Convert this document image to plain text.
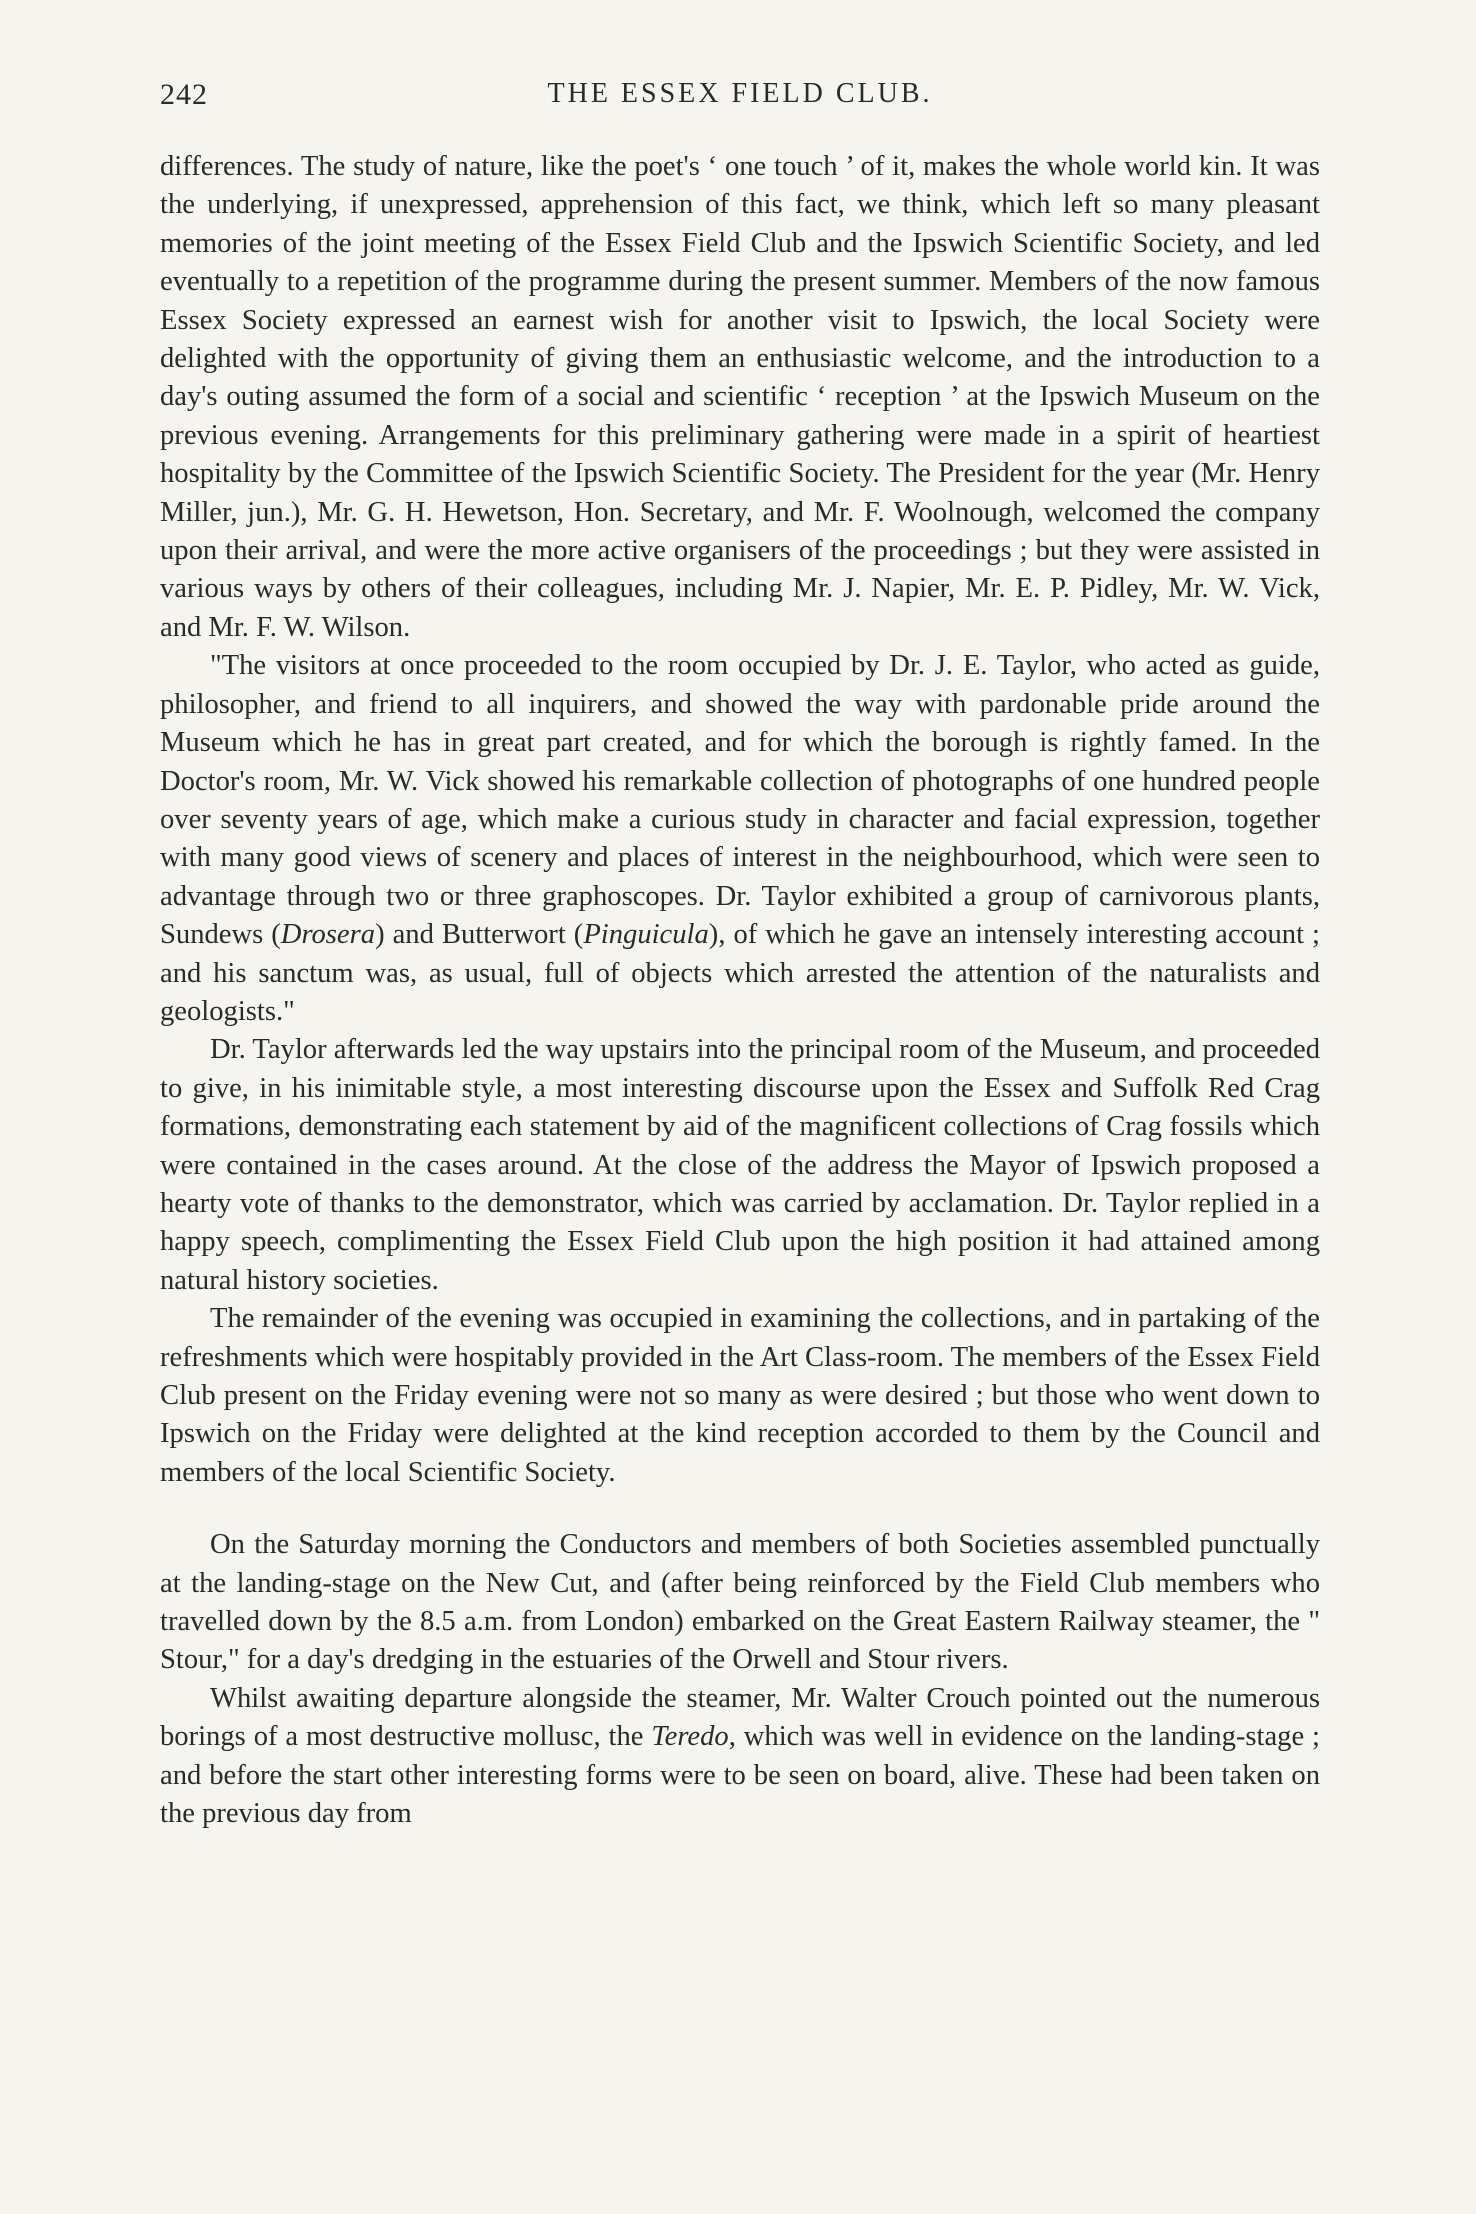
242	THE ESSEX FIELD CLUB.

differences. The study of nature, like the poet's ‘ one touch ’ of it, makes the whole world kin. It was the underlying, if unexpressed, apprehension of this fact, we think, which left so many pleasant memories of the joint meeting of the Essex Field Club and the Ipswich Scientific Society, and led eventually to a repetition of the programme during the present summer. Members of the now famous Essex Society expressed an earnest wish for another visit to Ipswich, the local Society were delighted with the opportunity of giving them an enthusiastic welcome, and the introduction to a day's outing assumed the form of a social and scientific ‘ reception ’ at the Ipswich Museum on the previous evening. Arrangements for this preliminary gathering were made in a spirit of heartiest hospitality by the Committee of the Ipswich Scientific Society. The President for the year (Mr. Henry Miller, jun.), Mr. G. H. Hewetson, Hon. Secretary, and Mr. F. Woolnough, welcomed the company upon their arrival, and were the more active organisers of the proceedings ; but they were assisted in various ways by others of their colleagues, including Mr. J. Napier, Mr. E. P. Pidley, Mr. W. Vick, and Mr. F. W. Wilson.

"The visitors at once proceeded to the room occupied by Dr. J. E. Taylor, who acted as guide, philosopher, and friend to all inquirers, and showed the way with pardonable pride around the Museum which he has in great part created, and for which the borough is rightly famed. In the Doctor's room, Mr. W. Vick showed his remarkable collection of photographs of one hundred people over seventy years of age, which make a curious study in character and facial expression, together with many good views of scenery and places of interest in the neighbourhood, which were seen to advantage through two or three graphoscopes. Dr. Taylor exhibited a group of carnivorous plants, Sundews (Drosera) and Butterwort (Pinguicula), of which he gave an intensely interesting account ; and his sanctum was, as usual, full of objects which arrested the attention of the naturalists and geologists."

Dr. Taylor afterwards led the way upstairs into the principal room of the Museum, and proceeded to give, in his inimitable style, a most interesting discourse upon the Essex and Suffolk Red Crag formations, demonstrating each statement by aid of the magnificent collections of Crag fossils which were contained in the cases around. At the close of the address the Mayor of Ipswich proposed a hearty vote of thanks to the demonstrator, which was carried by acclamation. Dr. Taylor replied in a happy speech, complimenting the Essex Field Club upon the high position it had attained among natural history societies.

The remainder of the evening was occupied in examining the collections, and in partaking of the refreshments which were hospitably provided in the Art Class-room. The members of the Essex Field Club present on the Friday evening were not so many as were desired ; but those who went down to Ipswich on the Friday were delighted at the kind reception accorded to them by the Council and members of the local Scientific Society.

On the Saturday morning the Conductors and members of both Societies assembled punctually at the landing-stage on the New Cut, and (after being reinforced by the Field Club members who travelled down by the 8.5 a.m. from London) embarked on the Great Eastern Railway steamer, the " Stour," for a day's dredging in the estuaries of the Orwell and Stour rivers.

Whilst awaiting departure alongside the steamer, Mr. Walter Crouch pointed out the numerous borings of a most destructive mollusc, the Teredo, which was well in evidence on the landing-stage ; and before the start other interesting forms were to be seen on board, alive. These had been taken on the previous day from
